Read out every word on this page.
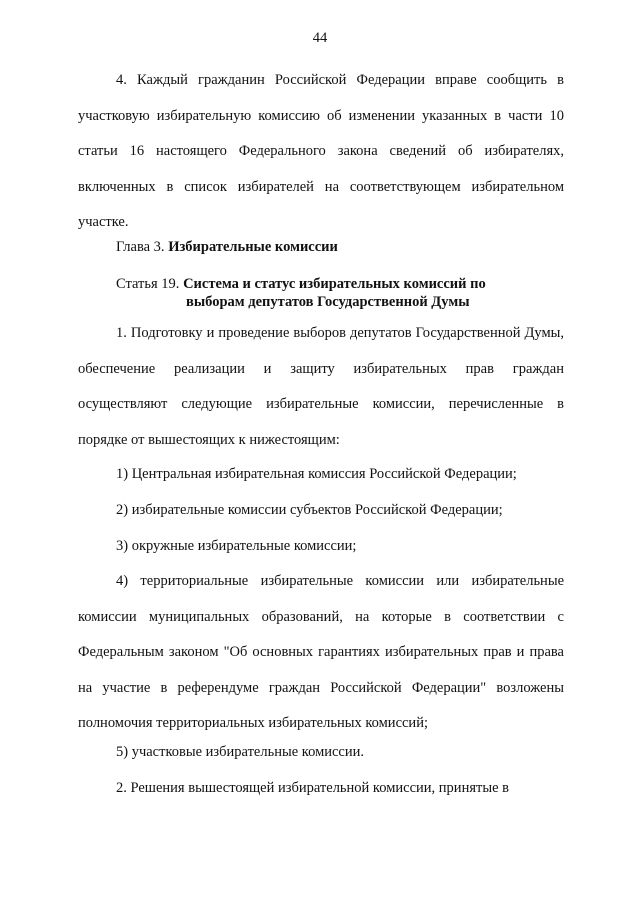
44

4. Каждый гражданин Российской Федерации вправе сообщить в участковую избирательную комиссию об изменении указанных в части 10 статьи 16 настоящего Федерального закона сведений об избирателях, включенных в список избирателей на соответствующем избирательном участке.

Глава 3. Избирательные комиссии

Статья 19. Система и статус избирательных комиссий по
выборам депутатов Государственной Думы

1. Подготовку и проведение выборов депутатов Государственной Думы, обеспечение реализации и защиту избирательных прав граждан осуществляют следующие избирательные комиссии, перечисленные в порядке от вышестоящих к нижестоящим:

1) Центральная избирательная комиссия Российской Федерации;

2) избирательные комиссии субъектов Российской Федерации;

3) окружные избирательные комиссии;

4) территориальные избирательные комиссии или избирательные комиссии муниципальных образований, на которые в соответствии с Федеральным законом "Об основных гарантиях избирательных прав и права на участие в референдуме граждан Российской Федерации" возложены полномочия территориальных избирательных комиссий;

5) участковые избирательные комиссии.

2. Решения вышестоящей избирательной комиссии, принятые в
